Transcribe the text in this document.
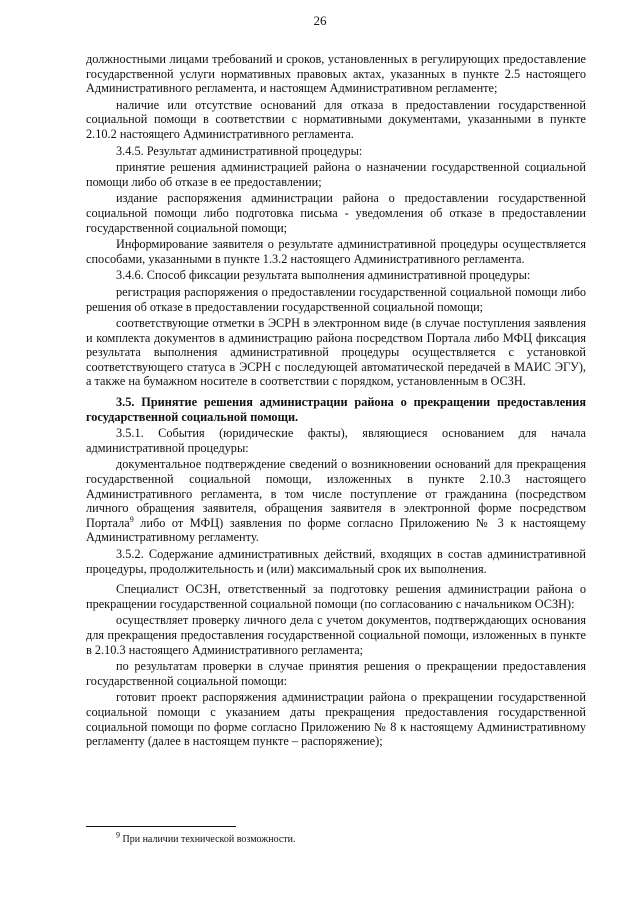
26

должностными лицами требований и сроков, установленных в регулирующих предоставление государственной услуги нормативных правовых актах, указанных в пункте 2.5 настоящего Административного регламента, и настоящем Административном регламенте;

наличие или отсутствие оснований для отказа в предоставлении государственной социальной помощи в соответствии с нормативными документами, указанными в пункте 2.10.2 настоящего Административного регламента.

3.4.5. Результат административной процедуры:

принятие решения администрацией района о назначении государственной социальной помощи либо об отказе в ее предоставлении;

издание распоряжения администрации района о предоставлении государственной социальной помощи либо подготовка письма - уведомления об отказе в предоставлении государственной социальной помощи;

Информирование заявителя о результате административной процедуры осуществляется способами, указанными в пункте 1.3.2 настоящего Административного регламента.

3.4.6. Способ фиксации результата выполнения административной процедуры:

регистрация распоряжения о предоставлении государственной социальной помощи либо решения об отказе в предоставлении государственной социальной помощи;

соответствующие отметки в ЭСРН в электронном виде (в случае поступления заявления и комплекта документов в администрацию района посредством Портала либо МФЦ фиксация результата выполнения административной процедуры осуществляется с установкой соответствующего статуса в ЭСРН с последующей автоматической передачей в МАИС ЭГУ), а также на бумажном носителе в соответствии с порядком, установленным в ОСЗН.

3.5. Принятие решения администрации района о прекращении предоставления государственной социальной помощи.

3.5.1. События (юридические факты), являющиеся основанием для начала административной процедуры:

документальное подтверждение сведений о возникновении оснований для прекращения государственной социальной помощи, изложенных в пункте 2.10.3 настоящего Административного регламента, в том числе поступление от гражданина (посредством личного обращения заявителя, обращения заявителя в электронной форме посредством Портала$^9$ либо от МФЦ) заявления по форме согласно Приложению № 3 к настоящему Административному регламенту.

3.5.2. Содержание административных действий, входящих в состав административной процедуры, продолжительность и (или) максимальный срок их выполнения.

Специалист ОСЗН, ответственный за подготовку решения администрации района о прекращении государственной социальной помощи (по согласованию с начальником ОСЗН):

осуществляет проверку личного дела с учетом документов, подтверждающих основания для прекращения предоставления государственной социальной помощи, изложенных в пункте в 2.10.3 настоящего Административного регламента;

по результатам проверки в случае принятия решения о прекращении предоставления государственной социальной помощи:

готовит проект распоряжения администрации района о прекращении государственной социальной помощи с указанием даты прекращения предоставления государственной социальной помощи по форме согласно Приложению № 8 к настоящему Административному регламенту (далее в настоящем пункте – распоряжение);

$^9$ При наличии технической возможности.
